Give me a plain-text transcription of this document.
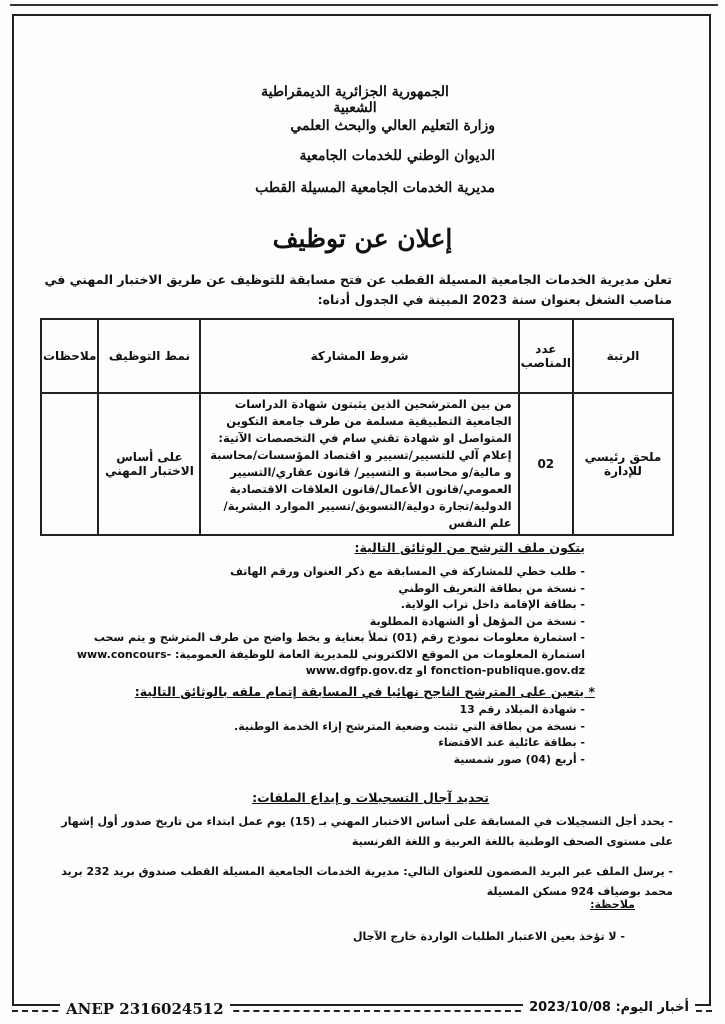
الجمهورية الجزائرية الديمقراطية الشعبية
وزارة التعليم العالي والبحث العلمي
الديوان الوطني للخدمات الجامعية
مديرية الخدمات الجامعية المسيلة القطب
إعلان عن توظيف
تعلن مديرية الخدمات الجامعية المسيلة القطب عن فتح مسابقة للتوظيف عن طريق الاختبار المهني في مناصب الشغل بعنوان سنة 2023 المبينة في الجدول أدناه:
الرتبة	عدد المناصب	شروط المشاركة	نمط التوظيف	ملاحظات
ملحق رئيسي للإدارة	02	من بين المترشحين الذين يثبتون شهادة الدراسات الجامعية التطبيقية مسلمة من طرف جامعة التكوين المتواصل او شهادة تقني سام في التخصصات الآتية: إعلام آلي للتسيير/تسيير و اقتصاد المؤسسات/محاسبة و مالية/و محاسبة و التسيير/ قانون عقاري/التسيير العمومي/قانون الأعمال/قانون العلاقات الاقتصادية الدولية/تجارة دولية/التسويق/تسيير الموارد البشرية/علم النفس	على أساس الاختبار المهني	
يتكون ملف الترشح من الوثائق التالية:
- طلب خطي للمشاركة في المسابقة مع ذكر العنوان ورقم الهاتف
- نسخة من بطاقة التعريف الوطني
- بطاقة الإقامة داخل تراب الولاية.
- نسخة من المؤهل أو الشهادة المطلوبة
- استمارة معلومات نموذج رقم (01) تملأ بعناية و بخط واضح من طرف المترشح و يتم سحب استمارة المعلومات من الموقع الالكتروني للمديرية العامة للوظيفة العمومية: www.concours-fonction-publique.gov.dz او www.dgfp.gov.dz
* يتعين على المترشح الناجح نهائيا في المسابقة إتمام ملفه بالوثائق التالية:
- شهادة الميلاد رقم 13
- نسخة من بطاقة التي تثبت وضعية المترشح إزاء الخدمة الوطنية.
- بطاقة عائلية عند الاقتضاء
- أربع (04) صور شمسية
تحديد آجال التسجيلات و إيداع الملفات:
- يحدد أجل التسجيلات في المسابقة على أساس الاختبار المهني بـ (15) يوم عمل ابتداء من تاريخ صدور أول إشهار على مستوى الصحف الوطنية باللغة العربية و اللغة الفرنسية
- يرسل الملف عبر البريد المضمون للعنوان التالي: مديرية الخدمات الجامعية المسيلة القطب صندوق بريد 232 بريد محمد بوضياف 924 مسكن المسيلة
ملاحظة:
- لا تؤخذ بعين الاعتبار الطلبات الواردة خارج الآجال
ANEP 2316024512	أخبار اليوم: 2023/10/08
